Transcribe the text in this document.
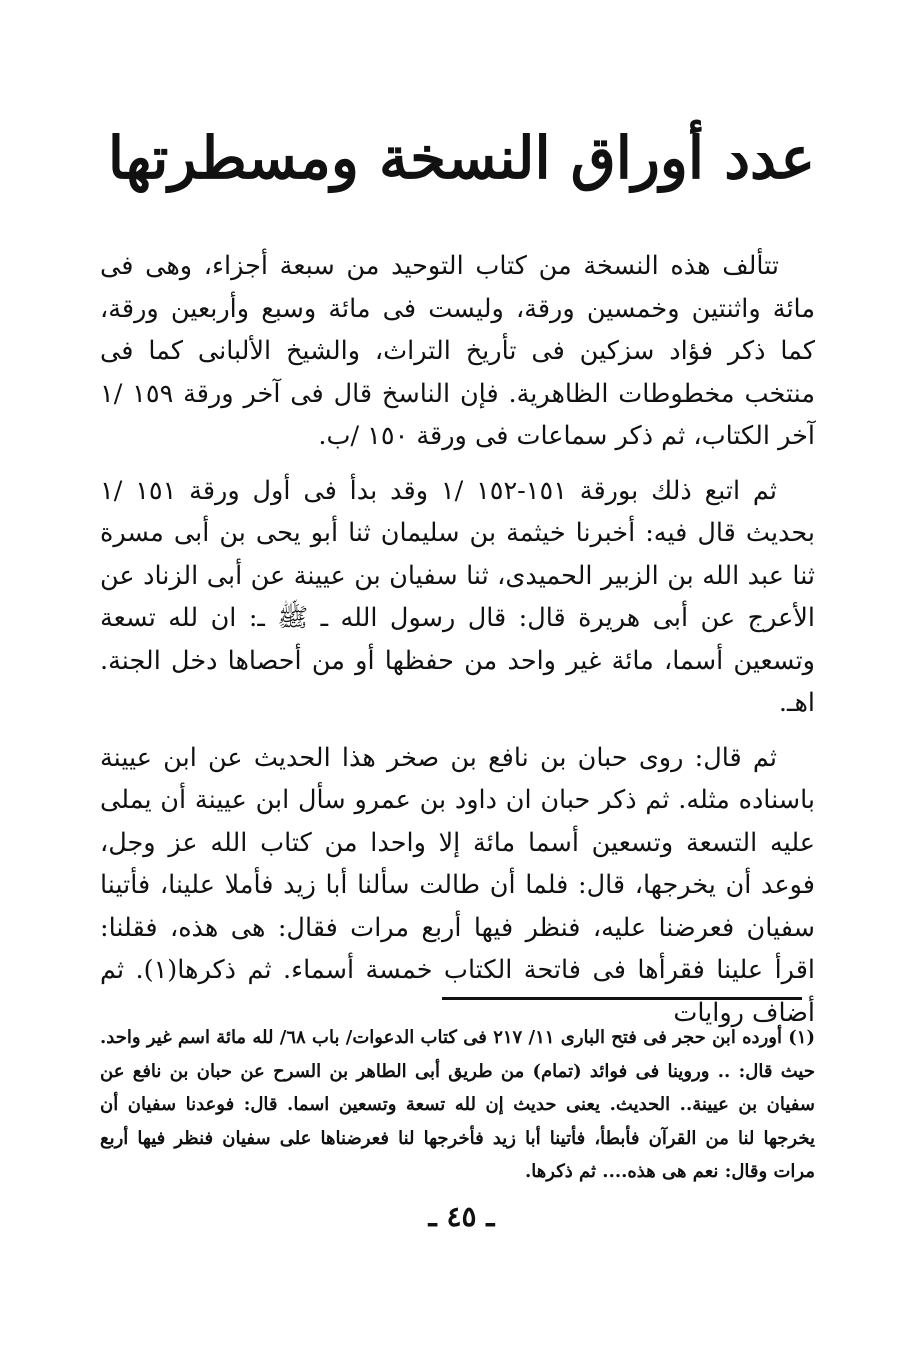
عدد أوراق النسخة ومسطرتها

تتألف هذه النسخة من كتاب التوحيد من سبعة أجزاء، وهى فى مائة واثنتين وخمسين ورقة، وليست فى مائة وسبع وأربعين ورقة، كما ذكر فؤاد سزكين فى تأريخ التراث، والشيخ الألبانى كما فى منتخب مخطوطات الظاهرية. فإن الناسخ قال فى آخر ورقة ١٥٩ /١ آخر الكتاب، ثم ذكر سماعات فى ورقة ١٥٠ /ب.

ثم اتبع ذلك بورقة ١٥١-١٥٢ /١ وقد بدأ فى أول ورقة ١٥١ /١ بحديث قال فيه: أخبرنا خيثمة بن سليمان ثنا أبو يحى بن أبى مسرة ثنا عبد الله بن الزبير الحميدى، ثنا سفيان بن عيينة عن أبى الزناد عن الأعرج عن أبى هريرة قال: قال رسول الله ـ ﷺ ـ: ان لله تسعة وتسعين أسما، مائة غير واحد من حفظها أو من أحصاها دخل الجنة. اهـ.

ثم قال: روى حبان بن نافع بن صخر هذا الحديث عن ابن عيينة باسناده مثله. ثم ذكر حبان ان داود بن عمرو سأل ابن عيينة أن يملى عليه التسعة وتسعين أسما مائة إلا واحدا من كتاب الله عز وجل، فوعد أن يخرجها، قال: فلما أن طالت سألنا أبا زيد فأملا علينا، فأتينا سفيان فعرضنا عليه، فنظر فيها أربع مرات فقال: هى هذه، فقلنا: اقرأ علينا فقرأها فى فاتحة الكتاب خمسة أسماء. ثم ذكرها(١). ثم أضاف روايات

(١) أورده ابن حجر فى فتح البارى ١١/ ٢١٧ فى كتاب الدعوات/ باب ٦٨/ لله مائة اسم غير واحد. حيث قال: .. وروينا فى فوائد (تمام) من طريق أبى الطاهر بن السرح عن حبان بن نافع عن سفيان بن عيينة.. الحديث. يعنى حديث إن لله تسعة وتسعين اسما. قال: فوعدنا سفيان أن يخرجها لنا من القرآن فأبطأ، فأتينا أبا زيد فأخرجها لنا فعرضناها على سفيان فنظر فيها أربع مرات وقال: نعم هى هذه.... ثم ذكرها.

ـ ٤٥ ـ
